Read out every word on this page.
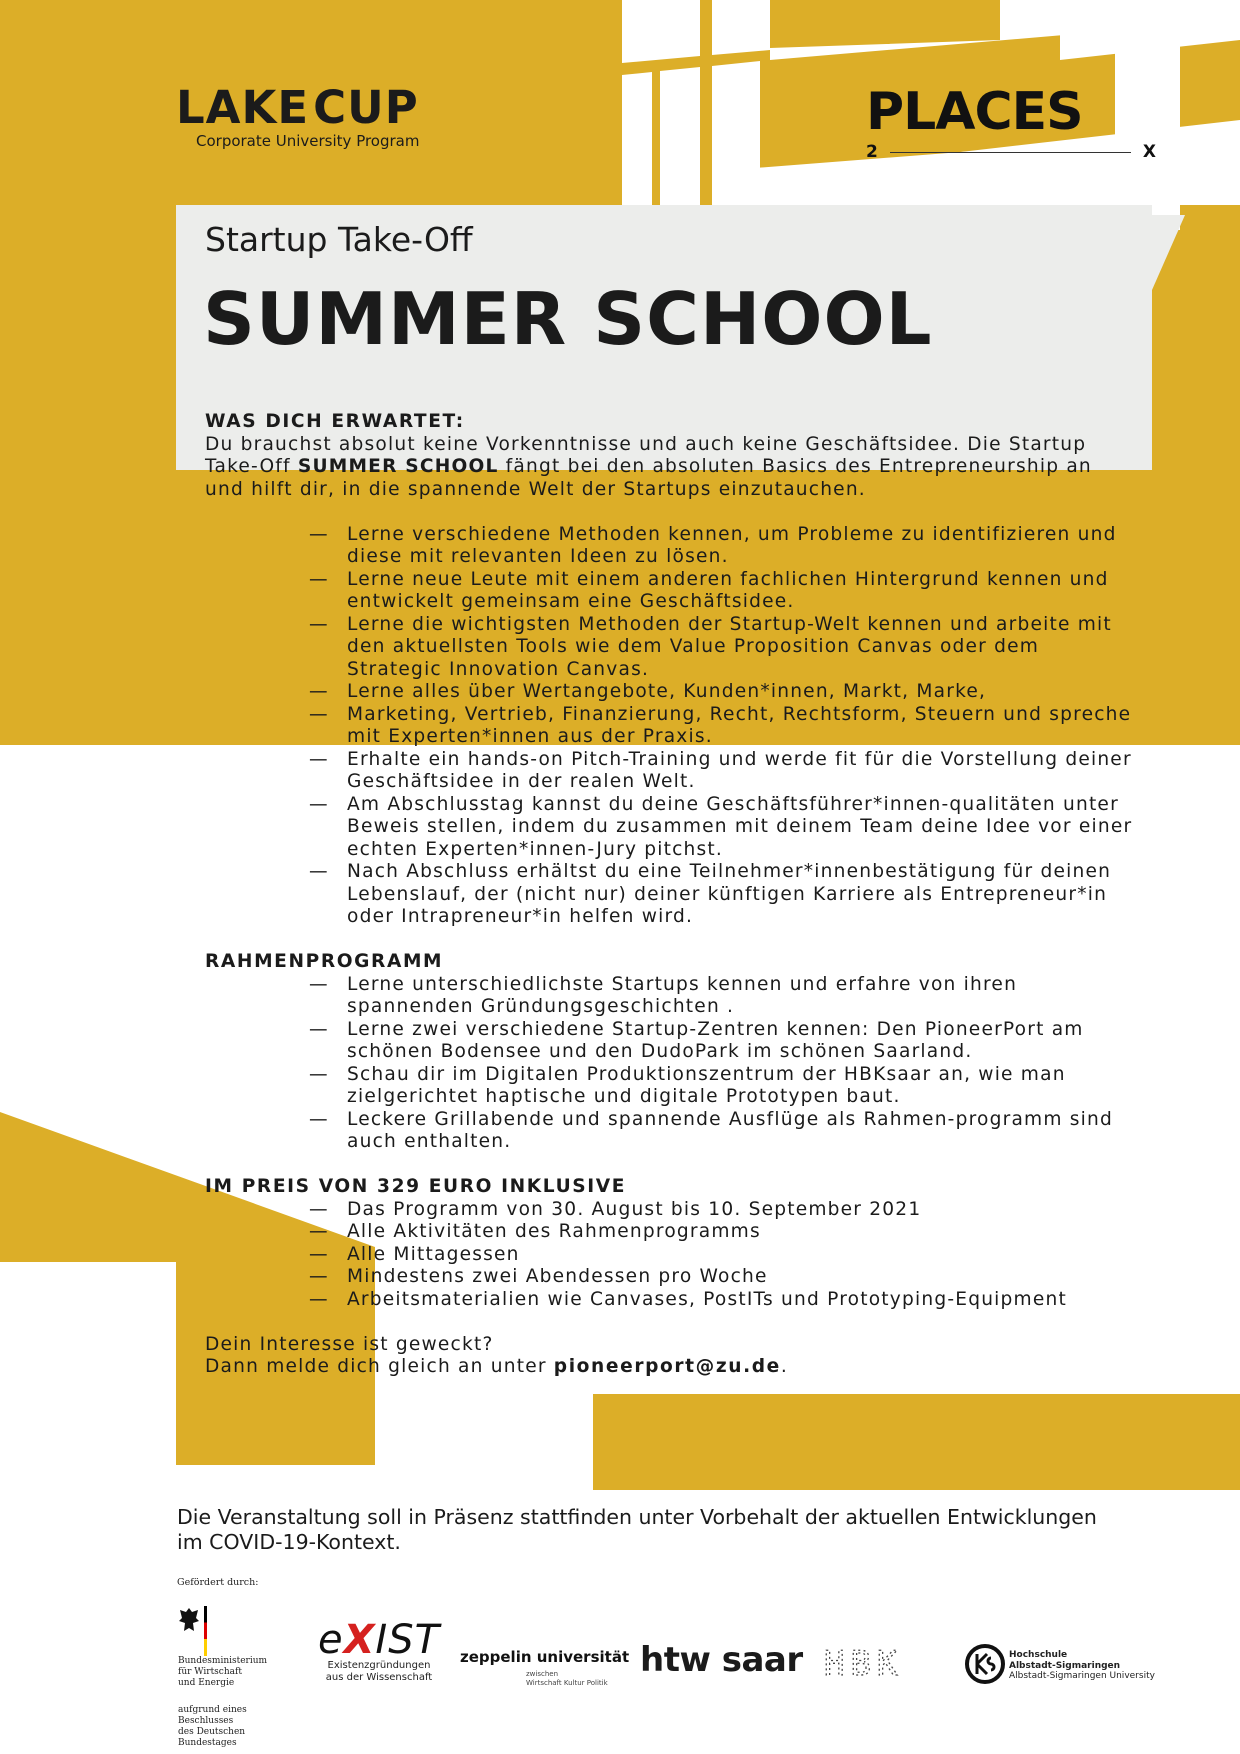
LAKE CUP
Corporate University Program	PLACES
2	X
Startup Take-Off
SUMMER SCHOOL

WAS DICH ERWARTET:

Du brauchst absolut keine Vorkenntnisse und auch keine Geschäftsidee. Die Startup Take-Off SUMMER SCHOOL fängt bei den absoluten Basics des Entrepreneurship an und hilft dir, in die spannende Welt der Startups einzutauchen.

— Lerne verschiedene Methoden kennen, um Probleme zu identifizieren und diese mit relevanten Ideen zu lösen.
— Lerne neue Leute mit einem anderen fachlichen Hintergrund kennen und entwickelt gemeinsam eine Geschäftsidee.
— Lerne die wichtigsten Methoden der Startup-Welt kennen und arbeite mit den aktuellsten Tools wie dem Value Proposition Canvas oder dem Strategic Innovation Canvas.
— Lerne alles über Wertangebote, Kunden*innen, Markt, Marke,
— Marketing, Vertrieb, Finanzierung, Recht, Rechtsform, Steuern und spreche mit Experten*innen aus der Praxis.
— Erhalte ein hands-on Pitch-Training und werde fit für die Vorstellung deiner Geschäftsidee in der realen Welt.
— Am Abschlusstag kannst du deine Geschäftsführer*innen-qualitäten unter Beweis stellen, indem du zusammen mit deinem Team deine Idee vor einer echten Experten*innen-Jury pitchst.
— Nach Abschluss erhältst du eine Teilnehmer*innenbestätigung für deinen Lebenslauf, der (nicht nur) deiner künftigen Karriere als Entrepreneur*in oder Intrapreneur*in helfen wird.

RAHMENPROGRAMM

— Lerne unterschiedlichste Startups kennen und erfahre von ihren spannenden Gründungsgeschichten .
— Lerne zwei verschiedene Startup-Zentren kennen: Den PioneerPort am schönen Bodensee und den DudoPark im schönen Saarland.
— Schau dir im Digitalen Produktionszentrum der HBKsaar an, wie man zielgerichtet haptische und digitale Prototypen baut.
— Leckere Grillabende und spannende Ausflüge als Rahmen-programm sind auch enthalten.

IM PREIS VON 329 EURO INKLUSIVE

— Das Programm von 30. August bis 10. September 2021
— Alle Aktivitäten des Rahmenprogramms
— Alle Mittagessen
— Mindestens zwei Abendessen pro Woche
— Arbeitsmaterialien wie Canvases, PostITs und Prototyping-Equipment

Dein Interesse ist geweckt?

Dann melde dich gleich an unter pioneerport@zu.de.

Die Veranstaltung soll in Präsenz stattfinden unter Vorbehalt der aktuellen Entwicklungen im COVID-19-Kontext.
Gefördert durch:
Bundesministerium
für Wirtschaft
und Energie
aufgrund eines Beschlusses
des Deutschen Bundestages
eXIST
Existenzgründungen
aus der Wissenschaft
zeppelin universität
zwischen
Wirtschaft Kultur Politik
htw saar HBK	Hochschule
Albstadt-Sigmaringen
Albstadt-Sigmaringen University
